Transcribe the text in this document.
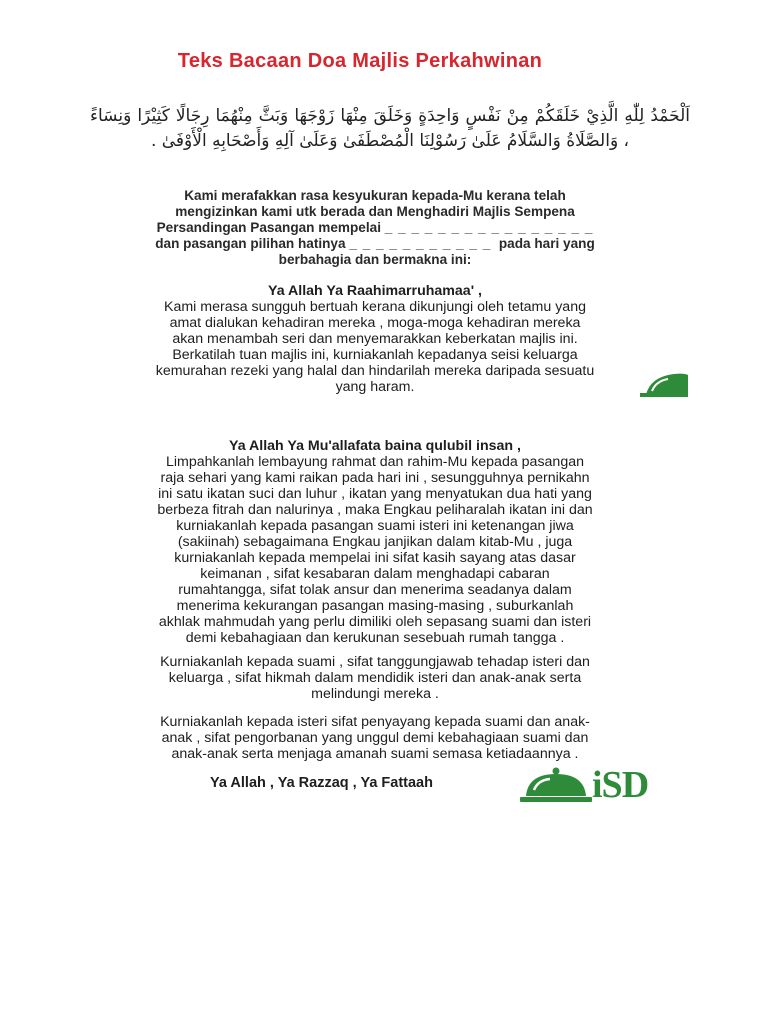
Teks Bacaan Doa Majlis Perkahwinan
اَلْحَمْدُ لِلّٰهِ الَّذِيْ خَلَقَكُمْ مِنْ نَفْسٍ وَاحِدَةٍ وَخَلَقَ مِنْهَا زَوْجَهَا وَبَثَّ مِنْهُمَا رِجَالًا كَثِيْرًا وَنِسَاءً ، وَالصَّلَاةُ وَالسَّلَامُ عَلَىٰ رَسُوْلِنَا الْمُصْطَفَىٰ وَعَلَىٰ آلِهِ وَأَصْحَابِهِ الْأَوْفَىٰ .
Kami merafakkan rasa kesyukuran kepada-Mu kerana telah
mengizinkan kami utk berada dan Menghadiri Majlis Sempena
Persandingan Pasangan mempelai _ _ _ _ _ _ _ _ _ _ _ _ _ _ _ _
dan pasangan pilihan hatinya _ _ _ _ _ _ _ _ _ _ _ pada hari yang
berbahagia dan bermakna ini:
Ya Allah Ya Raahimarruhamaa' ,
Kami merasa sungguh bertuah kerana dikunjungi oleh tetamu yang
amat dialukan kehadiran mereka , moga-moga kehadiran mereka
akan menambah seri dan menyemarakkan keberkatan majlis ini.
Berkatilah tuan majlis ini, kurniakanlah kepadanya seisi keluarga
kemurahan rezeki yang halal dan hindarilah mereka daripada sesuatu
yang haram.
Ya Allah Ya Mu'allafata baina qulubil insan ,
Limpahkanlah lembayung rahmat dan rahim-Mu kepada pasangan
raja sehari yang kami raikan pada hari ini , sesungguhnya pernikahn
ini satu ikatan suci dan luhur , ikatan yang menyatukan dua hati yang
berbeza fitrah dan nalurinya , maka Engkau peliharalah ikatan ini dan
kurniakanlah kepada pasangan suami isteri ini ketenangan jiwa
(sakiinah) sebagaimana Engkau janjikan dalam kitab-Mu , juga
kurniakanlah kepada mempelai ini sifat kasih sayang atas dasar
keimanan , sifat kesabaran dalam menghadapi cabaran
rumahtangga, sifat tolak ansur dan menerima seadanya dalam
menerima kekurangan pasangan masing-masing , suburkanlah
akhlak mahmudah yang perlu dimiliki oleh sepasang suami dan isteri
demi kebahagiaan dan kerukunan sesebuah rumah tangga .
Kurniakanlah kepada suami , sifat tanggungjawab tehadap isteri dan
keluarga , sifat hikmah dalam mendidik isteri dan anak-anak serta
melindungi mereka .
Kurniakanlah kepada isteri sifat penyayang kepada suami dan anak-
anak , sifat pengorbanan yang unggul demi kebahagiaan suami dan
anak-anak serta menjaga amanah suami semasa ketiadaannya .
Ya Allah , Ya Razzaq , Ya Fattaah	iSD
